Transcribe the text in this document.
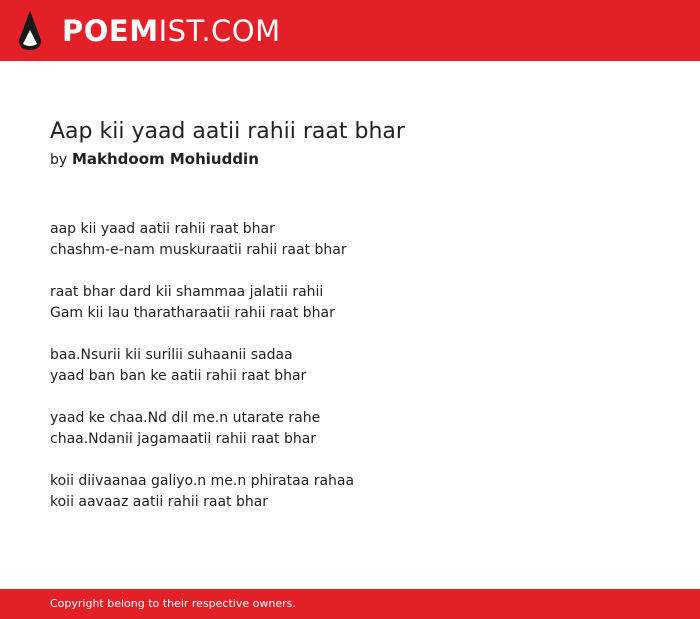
POEMIST.COM
Aap kii yaad aatii rahii raat bhar
by Makhdoom Mohiuddin
aap kii yaad aatii rahii raat bhar
chashm-e-nam muskuraatii rahii raat bhar
raat bhar dard kii shammaa jalatii rahii
Gam kii lau tharatharaatii rahii raat bhar
baa.Nsurii kii surilii suhaanii sadaa
yaad ban ban ke aatii rahii raat bhar
yaad ke chaa.Nd dil me.n utarate rahe
chaa.Ndanii jagamaatii rahii raat bhar
koii diivaanaa galiyo.n me.n phirataa rahaa
koii aavaaz aatii rahii raat bhar
Copyright belong to their respective owners.
